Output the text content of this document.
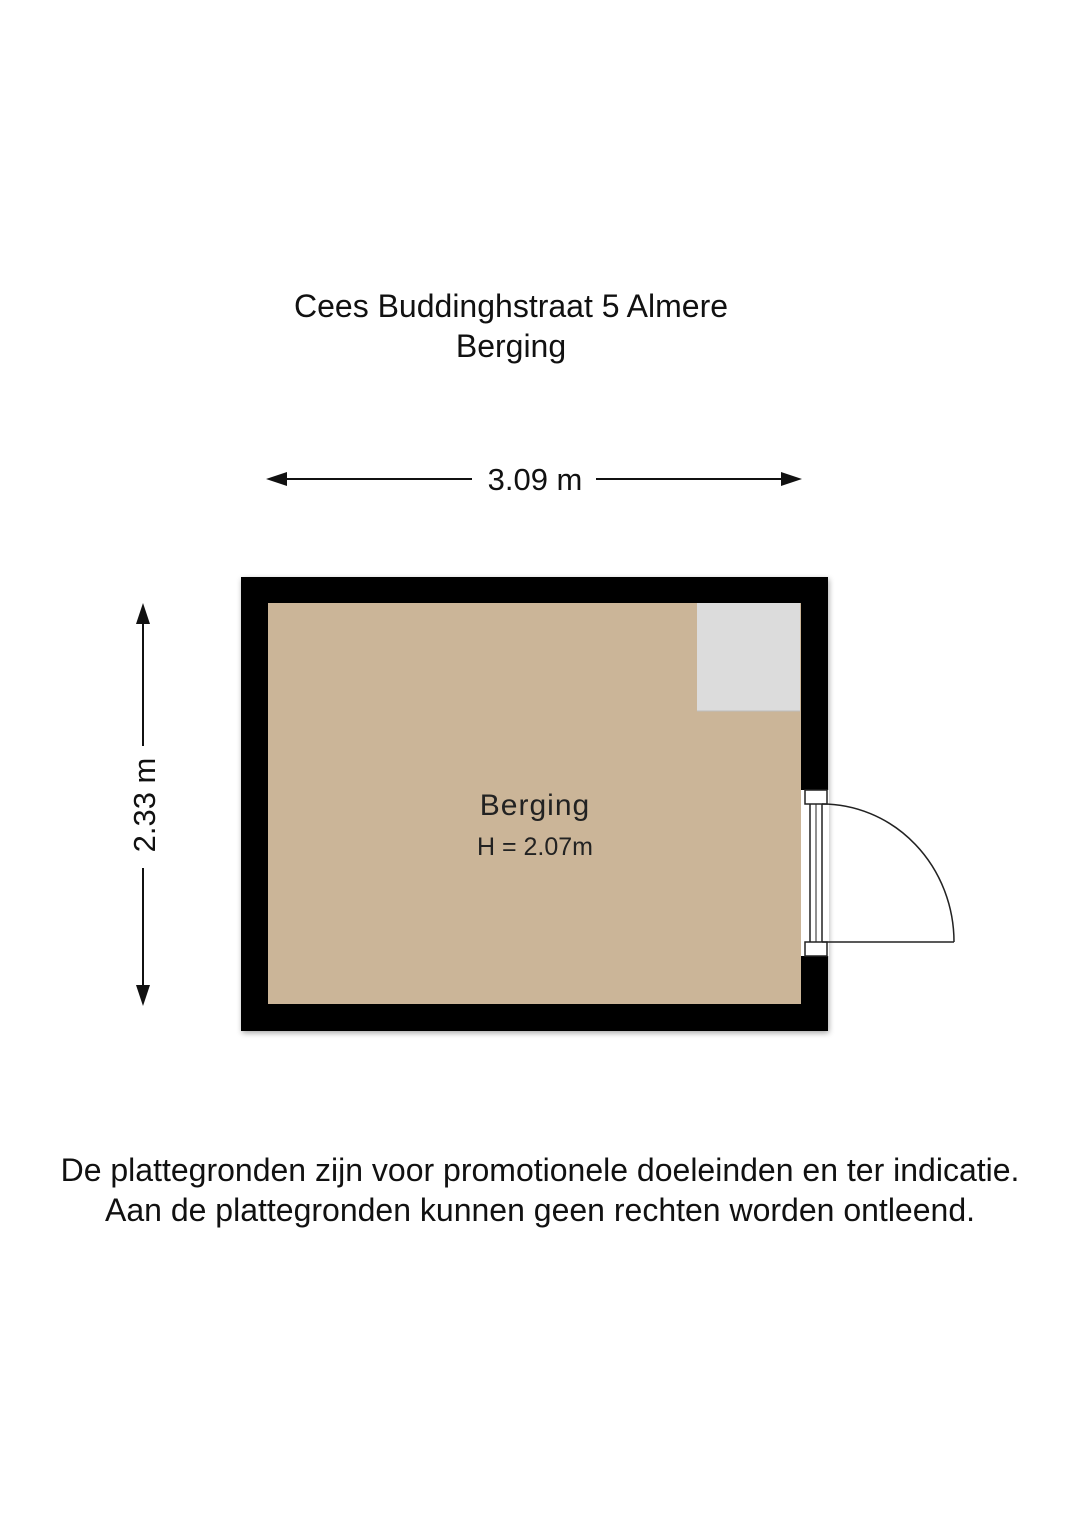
Cees Buddinghstraat 5 Almere
Berging
3.09 m
2.33 m	Berging
H = 2.07m
De plattegronden zijn voor promotionele doeleinden en ter indicatie.
Aan de plattegronden kunnen geen rechten worden ontleend.
